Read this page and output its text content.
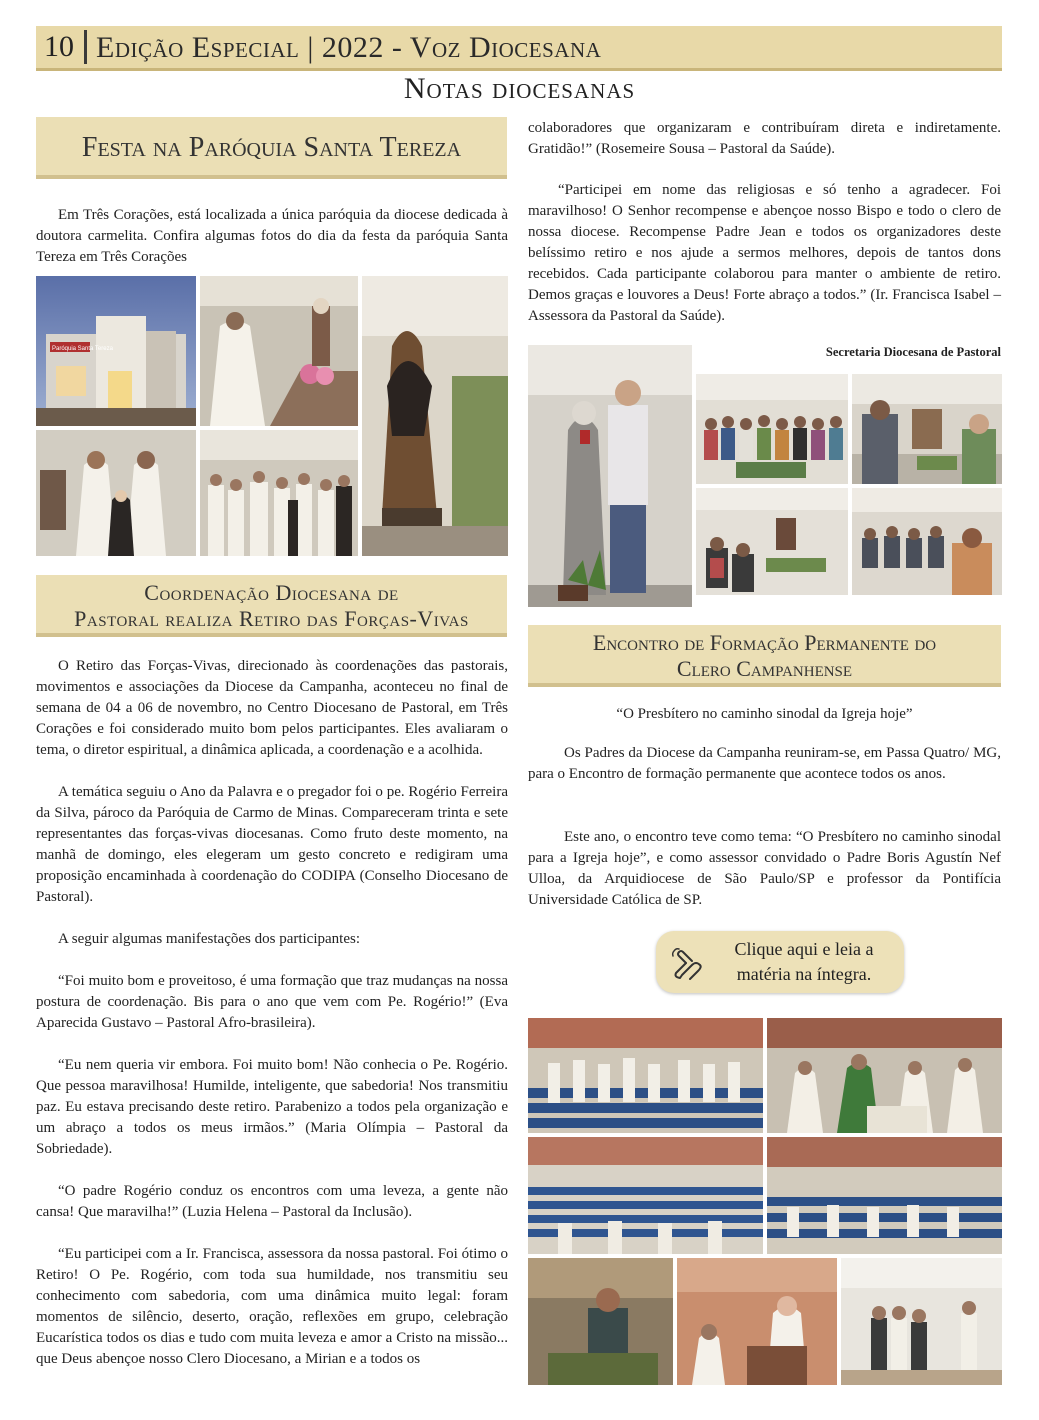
10 Edição Especial | 2022 - Voz Diocesana
Notas diocesanas
Festa na Paróquia Santa Tereza

Em Três Corações, está localizada a única paróquia da diocese dedicada à doutora carmelita. Confira algumas fotos do dia da festa da paróquia Santa Tereza em Três Corações

Paróquia Santa Tereza
Coordenação Diocesana de
Pastoral realiza Retiro das Forças-Vivas

O Retiro das Forças-Vivas, direcionado às coordenações das pastorais, movimentos e associações da Diocese da Campanha, aconteceu no final de semana de 04 a 06 de novembro, no Centro Diocesano de Pastoral, em Três Corações e foi considerado muito bom pelos participantes. Eles avaliaram o tema, o diretor espiritual, a dinâmica aplicada, a coordenação e a acolhida.

A temática seguiu o Ano da Palavra e o pregador foi o pe. Rogério Ferreira da Silva, pároco da Paróquia de Carmo de Minas. Compareceram trinta e sete representantes das forças-vivas diocesanas. Como fruto deste momento, na manhã de domingo, eles elegeram um gesto concreto e redigiram uma proposição encaminhada à coordenação do CODIPA (Conselho Diocesano de Pastoral).

A seguir algumas manifestações dos participantes:

“Foi muito bom e proveitoso, é uma formação que traz mudanças na nossa postura de coordenação. Bis para o ano que vem com Pe. Rogério!” (Eva Aparecida Gustavo – Pastoral Afro-brasileira).

“Eu nem queria vir embora. Foi muito bom! Não conhecia o Pe. Rogério. Que pessoa maravilhosa! Humilde, inteligente, que sabedoria! Nos transmitiu paz. Eu estava precisando deste retiro. Parabenizo a todos pela organização e um abraço a todos os meus irmãos.” (Maria Olímpia – Pastoral da Sobriedade).

“O padre Rogério conduz os encontros com uma leveza, a gente não cansa! Que maravilha!” (Luzia Helena – Pastoral da Inclusão).

“Eu participei com a Ir. Francisca, assessora da nossa pastoral. Foi ótimo o Retiro! O Pe. Rogério, com toda sua humildade, nos transmitiu seu conhecimento com sabedoria, com uma dinâmica muito legal: foram momentos de silêncio, deserto, oração, reflexões em grupo, celebração Eucarística todos os dias e tudo com muita leveza e amor a Cristo na missão... que Deus abençoe nosso Clero Diocesano, a Mirian e a todos os

colaboradores que organizaram e contribuíram direta e indiretamente. Gratidão!” (Rosemeire Sousa – Pastoral da Saúde).

“Participei em nome das religiosas e só tenho a agradecer. Foi maravilhoso! O Senhor recompense e abençoe nosso Bispo e todo o clero de nossa diocese. Recompense Padre Jean e todos os organizadores deste belíssimo retiro e nos ajude a sermos melhores, depois de tantos dons recebidos. Cada participante colaborou para manter o ambiente de retiro. Demos graças e louvores a Deus! Forte abraço a todos.” (Ir. Francisca Isabel – Assessora da Pastoral da Saúde).

Secretaria Diocesana de Pastoral
Encontro de Formação Permanente do
Clero Campanhense
“O Presbítero no caminho sinodal da Igreja hoje”

Os Padres da Diocese da Campanha reuniram-se, em Passa Quatro/ MG, para o Encontro de formação permanente que acontece todos os anos.

Este ano, o encontro teve como tema: “O Presbítero no caminho sinodal para a Igreja hoje”, e como assessor convidado o Padre Boris Agustín Nef Ulloa, da Arquidiocese de São Paulo/SP e professor da Pontifícia Universidade Católica de SP.

Clique aqui e leia a
matéria na íntegra.
